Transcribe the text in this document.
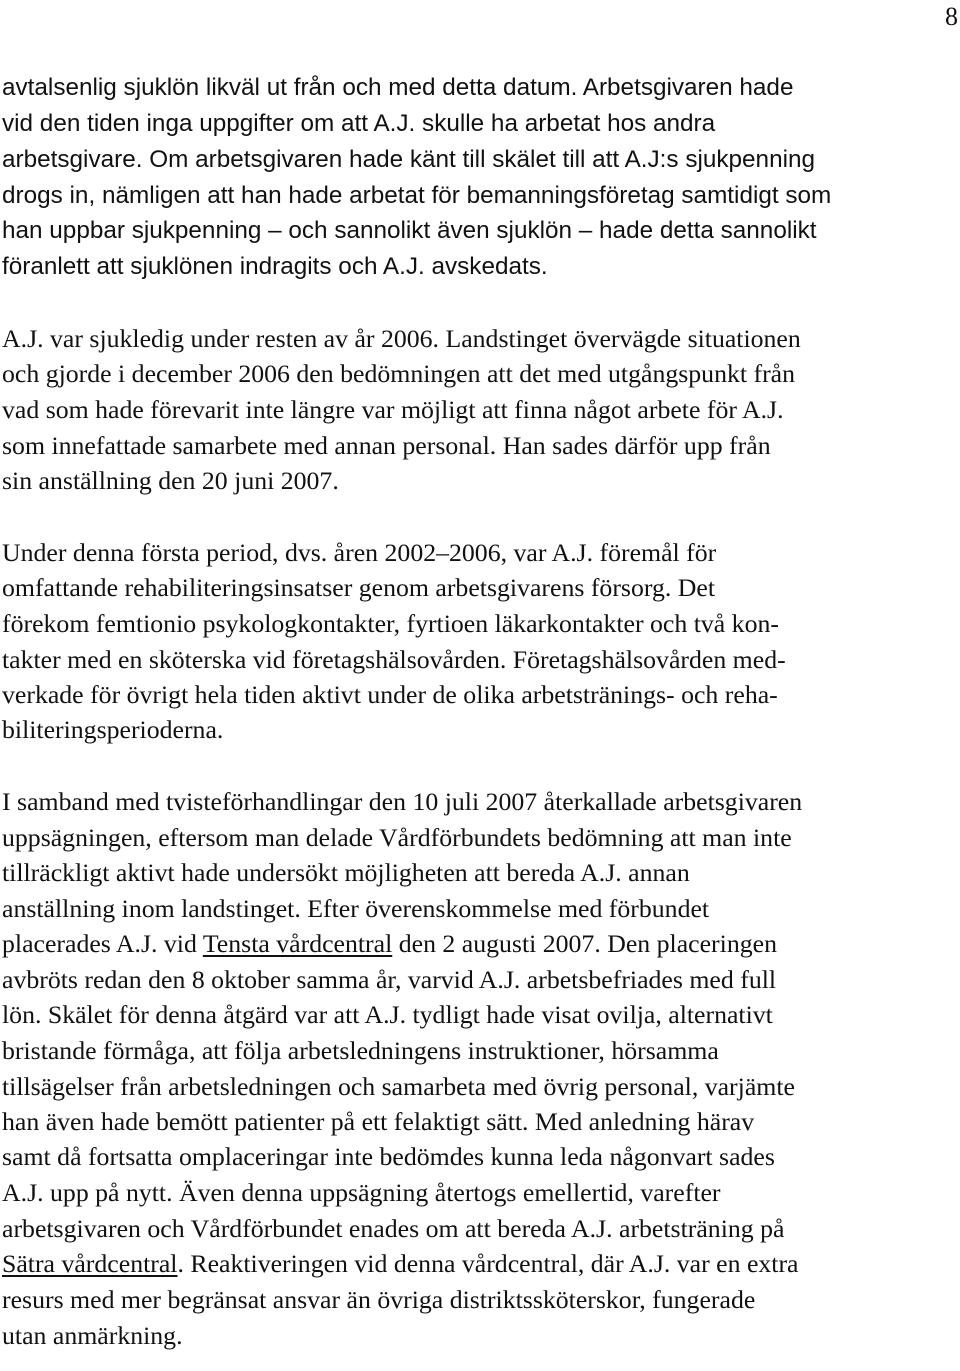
8
avtalsenlig sjuklön likväl ut från och med detta datum. Arbetsgivaren hade
vid den tiden inga uppgifter om att A.J. skulle ha arbetat hos andra
arbetsgivare. Om arbetsgivaren hade känt till skälet till att A.J:s sjukpenning
drogs in, nämligen att han hade arbetat för bemanningsföretag samtidigt som
han uppbar sjukpenning – och sannolikt även sjuklön – hade detta sannolikt
föranlett att sjuklönen indragits och A.J. avskedats.
A.J. var sjukledig under resten av år 2006. Landstinget övervägde situationen
och gjorde i december 2006 den bedömningen att det med utgångspunkt från
vad som hade förevarit inte längre var möjligt att finna något arbete för A.J.
som innefattade samarbete med annan personal. Han sades därför upp från
sin anställning den 20 juni 2007.
Under denna första period, dvs. åren 2002–2006, var A.J. föremål för
omfattande rehabiliteringsinsatser genom arbetsgivarens försorg. Det
förekom femtionio psykologkontakter, fyrtioen läkarkontakter och två kon-
takter med en sköterska vid företagshälsovården. Företagshälsovården med-
verkade för övrigt hela tiden aktivt under de olika arbetstränings- och reha-
biliteringsperioderna.
I samband med tvisteförhandlingar den 10 juli 2007 återkallade arbetsgivaren
uppsägningen, eftersom man delade Vårdförbundets bedömning att man inte
tillräckligt aktivt hade undersökt möjligheten att bereda A.J. annan
anställning inom landstinget. Efter överenskommelse med förbundet
placerades A.J. vid Tensta vårdcentral den 2 augusti 2007. Den placeringen
avbröts redan den 8 oktober samma år, varvid A.J. arbetsbefriades med full
lön. Skälet för denna åtgärd var att A.J. tydligt hade visat ovilja, alternativt
bristande förmåga, att följa arbetsledningens instruktioner, hörsamma
tillsägelser från arbetsledningen och samarbeta med övrig personal, varjämte
han även hade bemött patienter på ett felaktigt sätt. Med anledning härav
samt då fortsatta omplaceringar inte bedömdes kunna leda någonvart sades
A.J. upp på nytt. Även denna uppsägning återtogs emellertid, varefter
arbetsgivaren och Vårdförbundet enades om att bereda A.J. arbetsträning på
Sätra vårdcentral. Reaktiveringen vid denna vårdcentral, där A.J. var en extra
resurs med mer begränsat ansvar än övriga distriktssköterskor, fungerade
utan anmärkning.
